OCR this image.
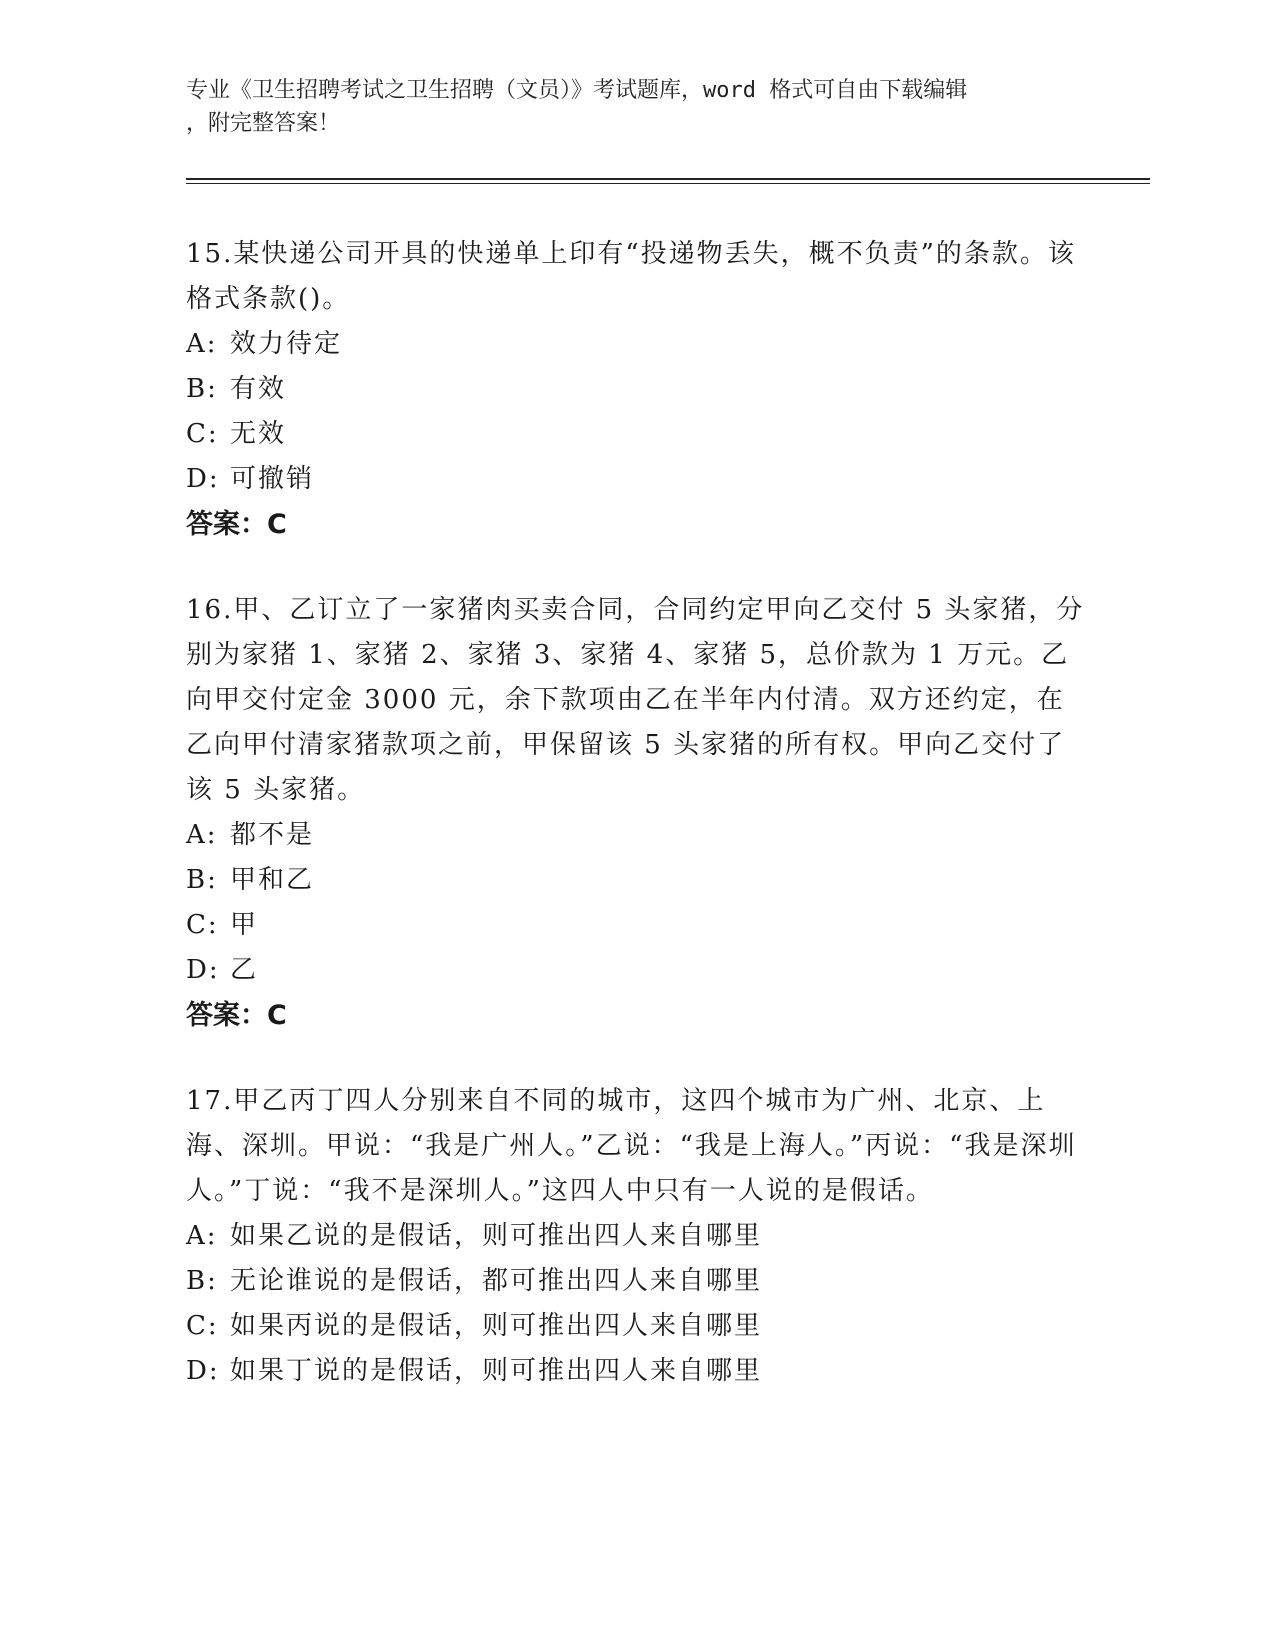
专业《卫生招聘考试之卫生招聘（文员）》考试题库，word 格式可自由下载编辑
，附完整答案！

15.某快递公司开具的快递单上印有“投递物丢失，概不负责”的条款。该格式条款()。

A: 效力待定

B: 有效

C: 无效

D: 可撤销

答案：C

16.甲、乙订立了一家猪肉买卖合同，合同约定甲向乙交付 5 头家猪，分别为家猪 1、家猪 2、家猪 3、家猪 4、家猪 5，总价款为 1 万元。乙向甲交付定金 3000 元，余下款项由乙在半年内付清。双方还约定，在乙向甲付清家猪款项之前，甲保留该 5 头家猪的所有权。甲向乙交付了该 5 头家猪。

A: 都不是

B: 甲和乙

C: 甲

D: 乙

答案：C

17.甲乙丙丁四人分别来自不同的城市，这四个城市为广州、北京、上海、深圳。甲说：“我是广州人。”乙说：“我是上海人。”丙说：“我是深圳人。”丁说：“我不是深圳人。”这四人中只有一人说的是假话。

A: 如果乙说的是假话，则可推出四人来自哪里

B: 无论谁说的是假话，都可推出四人来自哪里

C: 如果丙说的是假话，则可推出四人来自哪里

D: 如果丁说的是假话，则可推出四人来自哪里
